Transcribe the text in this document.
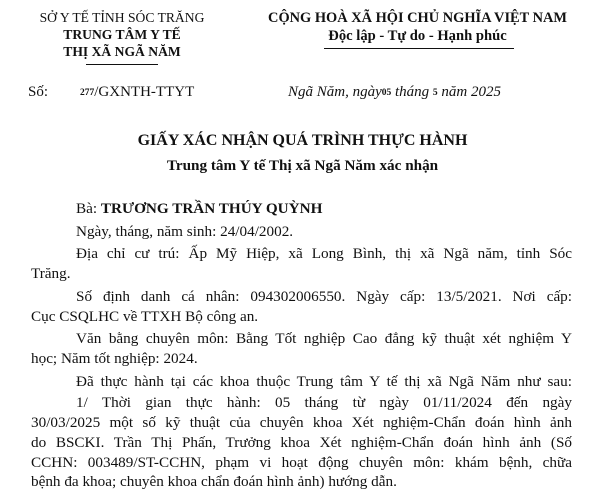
SỞ Y TẾ TỈNH SÓC TRĂNG
TRUNG TÂM Y TẾ
THỊ XÃ NGÃ NĂM
CỘNG HOÀ XÃ HỘI CHỦ NGHĨA VIỆT NAM
Độc lập - Tự do - Hạnh phúc
Số:	277/GXNTH-TTYT	Ngã Năm, ngày05 tháng 5 năm 2025
GIẤY XÁC NHẬN QUÁ TRÌNH THỰC HÀNH
Trung tâm Y tế Thị xã Ngã Năm xác nhận
Bà: TRƯƠNG TRẦN THÚY QUỲNH
Ngày, tháng, năm sinh: 24/04/2002.
Địa chỉ cư trú: Ấp Mỹ Hiệp, xã Long Bình, thị xã Ngã năm, tỉnh Sóc
Trăng.
Số định danh cá nhân: 094302006550. Ngày cấp: 13/5/2021. Nơi cấp:
Cục CSQLHC về TTXH Bộ công an.
Văn bằng chuyên môn: Bằng Tốt nghiệp Cao đẳng kỹ thuật xét nghiệm Y
học; Năm tốt nghiệp: 2024.
Đã thực hành tại các khoa thuộc Trung tâm Y tế thị xã Ngã Năm như sau:
1/ Thời gian thực hành: 05 tháng từ ngày 01/11/2024 đến ngày
30/03/2025 một số kỹ thuật của chuyên khoa Xét nghiệm-Chẩn đoán hình ảnh
do BSCKI. Trần Thị Phấn, Trưởng khoa Xét nghiệm-Chẩn đoán hình ảnh (Số
CCHN: 003489/ST-CCHN, phạm vi hoạt động chuyên môn: khám bệnh, chữa
bệnh đa khoa; chuyên khoa chẩn đoán hình ảnh) hướng dẫn.
